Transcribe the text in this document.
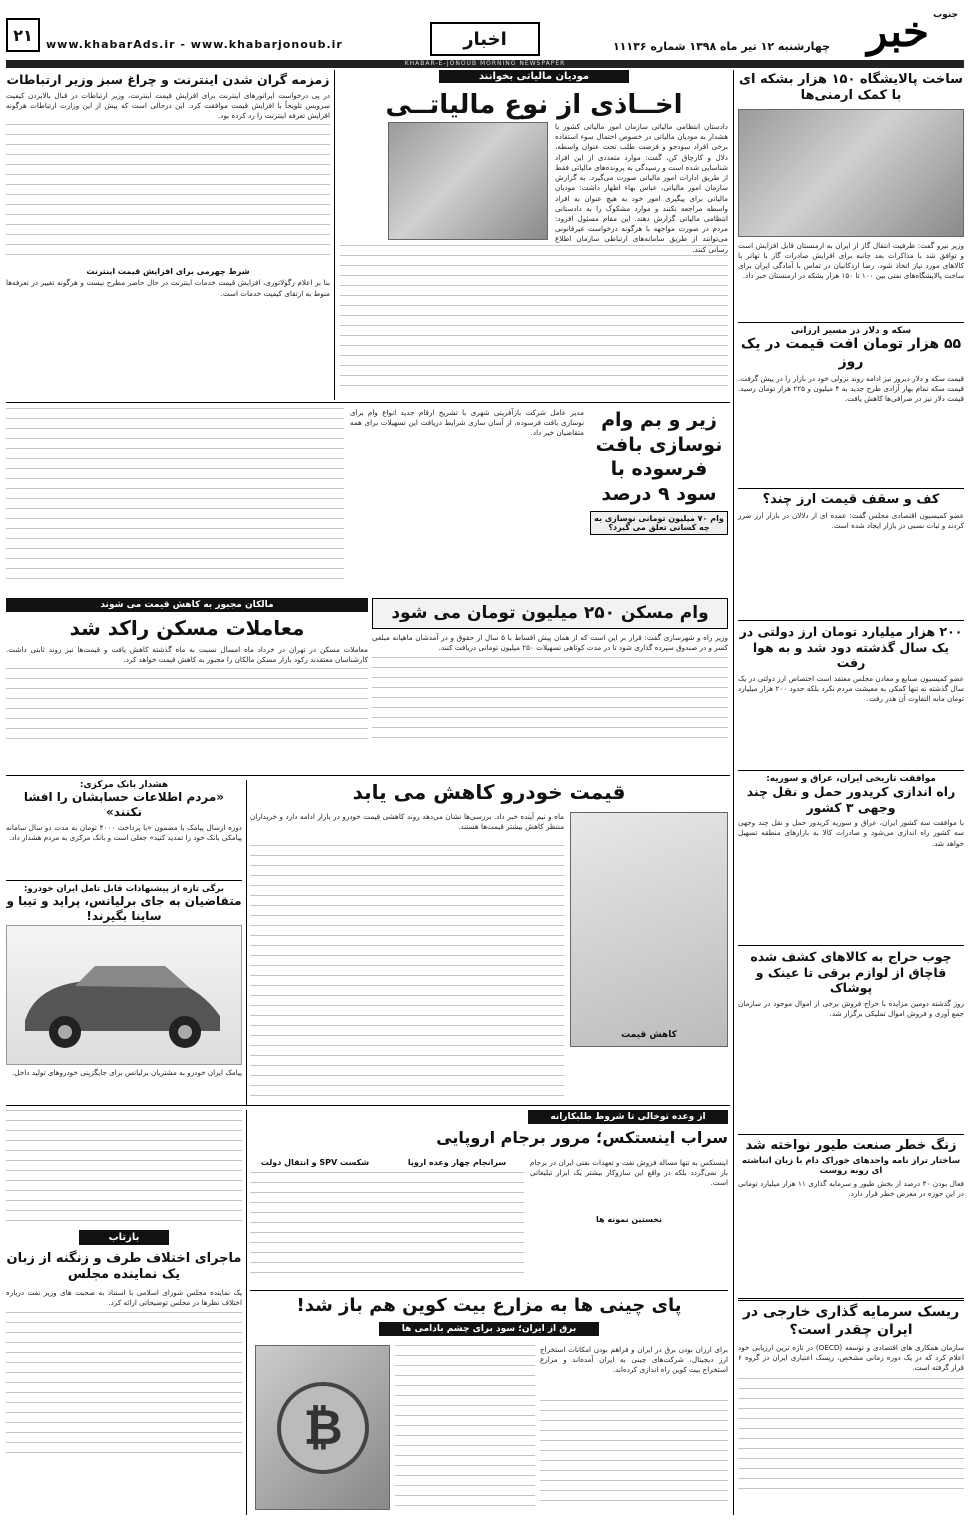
خبر جنوب
چهارشنبه ۱۲ تیر ماه ۱۳۹۸ شماره ۱۱۱۳۶
اخبار
۲۱	www.khabarAds.ir - www.khabarjonoub.ir
KHABAR-E-JONOUB MORNING NEWSPAPER
ساخت پالایشگاه ۱۵۰ هزار بشکه ای با کمک ارمنی‌ها
وزیر نیرو گفت: ظرفیت انتقال گاز از ایران به ارمنستان قابل افزایش است و توافق شد با مذاکرات بعد جانبه برای افزایش صادرات گاز با تهاتر با کالاهای مورد نیاز اتخاذ شود. رضا اردکانیان در تماس با آمادگی ایران برای ساخت پالایشگاه‌های نفتی بین ۱۰۰ تا ۱۵۰ هزار بشکه در ارمنستان خبر داد.
سکه و دلار در مسیر ارزانی
۵۵ هزار تومان افت قیمت در یک روز
قیمت سکه و دلار دیروز نیز ادامه روند نزولی خود در بازار را در پیش گرفت. قیمت سکه تمام بهار آزادی طرح جدید به ۴ میلیون و ۲۲۵ هزار تومان رسید. قیمت دلار نیز در صرافی‌ها کاهش یافت.
کف و سقف قیمت ارز چند؟
عضو کمیسیون اقتصادی مجلس گفت: عمده ای از دلالان در بازار ارز ضرر کردند و ثبات نسبی در بازار ایجاد شده است.
۲۰۰ هزار میلیارد تومان ارز دولتی در یک سال گذشته دود شد و به هوا رفت
عضو کمیسیون صنایع و معادن مجلس معتقد است اختصاص ارز دولتی در یک سال گذشته نه تنها کمکی به معیشت مردم نکرد بلکه حدود ۲۰۰ هزار میلیارد تومان مابه التفاوت آن هدر رفت.
موافقت تاریخی ایران، عراق و سوریه:
راه اندازی کریدور حمل و نقل چند وجهی ۳ کشور
با موافقت سه کشور ایران، عراق و سوریه کریدور حمل و نقل چند وجهی سه کشور راه اندازی می‌شود و صادرات کالا به بازارهای منطقه تسهیل خواهد شد.
چوب حراج به کالاهای کشف شده قاچاق از لوازم برقی تا عینک و پوشاک
روز گذشته دومین مزایده با حراج فروش برخی از اموال موجود در سازمان جمع آوری و فروش اموال تملیکی برگزار شد.
زنگ خطر صنعت طیور نواخته شد
ساختار تراز نامه واحدهای خوراک دام با زیان انباشته ای روبه روست
فعال بودن ۴۰ درصد از بخش طیور و سرمایه گذاری ۱۱ هزار میلیارد تومانی در این حوزه در معرض خطر قرار دارد.
ریسک سرمایه گذاری خارجی در ایران چقدر است؟
سازمان همکاری های اقتصادی و توسعه (OECD) در تازه ترین ارزیابی خود اعلام کرد که در یک دوره زمانی مشخص، ریسک اعتباری ایران در گروه ۶ قرار گرفته است.
مودیان مالیاتی بخوانند
اخــاذی از نوع مالیاتــی
دادستان انتظامی مالیاتی سازمان امور مالیاتی کشور با هشدار به مودیان مالیاتی در خصوص احتمال سوء استفاده برخی افراد سودجو و فرصت طلب تحت عنوان واسطه، دلال و کارچاق کن، گفت: موارد متعددی از این افراد شناسایی شده است و رسیدگی به پرونده‌های مالیاتی فقط از طریق ادارات امور مالیاتی صورت می‌گیرد. به گزارش سازمان امور مالیاتی، عباس بهاء اظهار داشت: مودیان مالیاتی برای پیگیری امور خود به هیچ عنوان به افراد واسطه مراجعه نکنند و موارد مشکوک را به دادستانی انتظامی مالیاتی گزارش دهند. این مقام مسئول افزود: مردم در صورت مواجهه با هرگونه درخواست غیرقانونی می‌توانند از طریق سامانه‌های ارتباطی سازمان اطلاع رسانی کنند.
زمزمه گران شدن اینترنت و چراغ سبز وزیر ارتباطات
در پی درخواست اپراتورهای اینترنت برای افزایش قیمت اینترنت، وزیر ارتباطات در قبال بالابردن کیفیت سرویس تلویحاً با افزایش قیمت موافقت کرد. این درحالی است که پیش از این وزارت ارتباطات هرگونه افزایش تعرفه اینترنت را رد کرده بود.
شرط چهرمی برای افزایش قیمت اینترنت
بنا بر اعلام رگولاتوری، افزایش قیمت خدمات اینترنت در حال حاضر مطرح نیست و هرگونه تغییر در تعرفه‌ها منوط به ارتقای کیفیت خدمات است.
زیر و بم وام نوسازی بافت فرسوده با سود ۹ درصد
وام ۷۰ میلیون تومانی نوسازی به چه کسانی تعلق می گیرد؟
مدیر عامل شرکت بازآفرینی شهری با تشریح ارقام جدید انواع وام برای نوسازی بافت فرسوده، از آسان سازی شرایط دریافت این تسهیلات برای همه متقاضیان خبر داد.
مالکان مجبور به کاهش قیمت می شوند
معاملات مسکن راکد شد
معاملات مسکن در تهران در خرداد ماه امسال نسبت به ماه گذشته کاهش یافت و قیمت‌ها نیز روند ثابتی داشت. کارشناسان معتقدند رکود بازار مسکن مالکان را مجبور به کاهش قیمت خواهد کرد.
وام مسکن ۲۵۰ میلیون تومان می شود
وزیر راه و شهرسازی گفت: قرار بر این است که از همان پیش اقساط با ۵ سال از حقوق و در آمدشان ماهیانه مبلغی کسر و در صندوق سپرده گذاری شود تا در مدت کوتاهی تسهیلات ۲۵۰ میلیون تومانی دریافت کنند.
قیمت خودرو کاهش می یابد
کاهش قیمت
ماه و نیم آینده خبر داد. بررسی‌ها نشان می‌دهد روند کاهشی قیمت خودرو در بازار ادامه دارد و خریداران منتظر کاهش بیشتر قیمت‌ها هستند.
هشدار بانک مرکزی:
«مردم اطلاعات حسابشان را افشا نکنند»
دوره ارسال پیامک با مضمون «با پرداخت ۴۰۰۰ تومان به مدت دو سال سامانه پیامکی بانک خود را تمدید کنید» جعلی است و بانک مرکزی به مردم هشدار داد.
برگی تازه از پیشنهادات قابل تامل ایران خودرو:
متقاضیان به جای برلیانس، پراید و تیبا و ساینا بگیرند!
پیامک ایران خودرو به مشتریان برلیانس برای جایگزینی خودروهای تولید داخل.
از وعده توخالی تا شروط طلبکارانه
سراب اینستکس؛ مرور برجام اروپایی
اینستکس به تنها مساله فروش نفت و تعهدات نفتی ایران در برجام باز نمی‌گردد بلکه در واقع این سازوکار بیشتر یک ابزار تبلیغاتی است.
نخستین نمونه ها
شکست SPV و انتقال دولت	سرانجام چهار وعده اروپا
بازتاب
ماجرای اختلاف طرف و زنگنه از زبان یک نماینده مجلس
یک نماینده مجلس شورای اسلامی با استناد به صحبت های وزیر نفت درباره اختلاف نظرها در مجلس توضیحاتی ارائه کرد.	پای چینی ها به مزارع بیت کوین هم باز شد!
برق از ایران؛ سود برای چشم بادامی ها
برای ارزان بودن برق در ایران و فراهم بودن امکانات استخراج ارز دیجیتال، شرکت‌های چینی به ایران آمده‌اند و مزارع استخراج بیت کوین راه اندازی کرده‌اند.
₿
